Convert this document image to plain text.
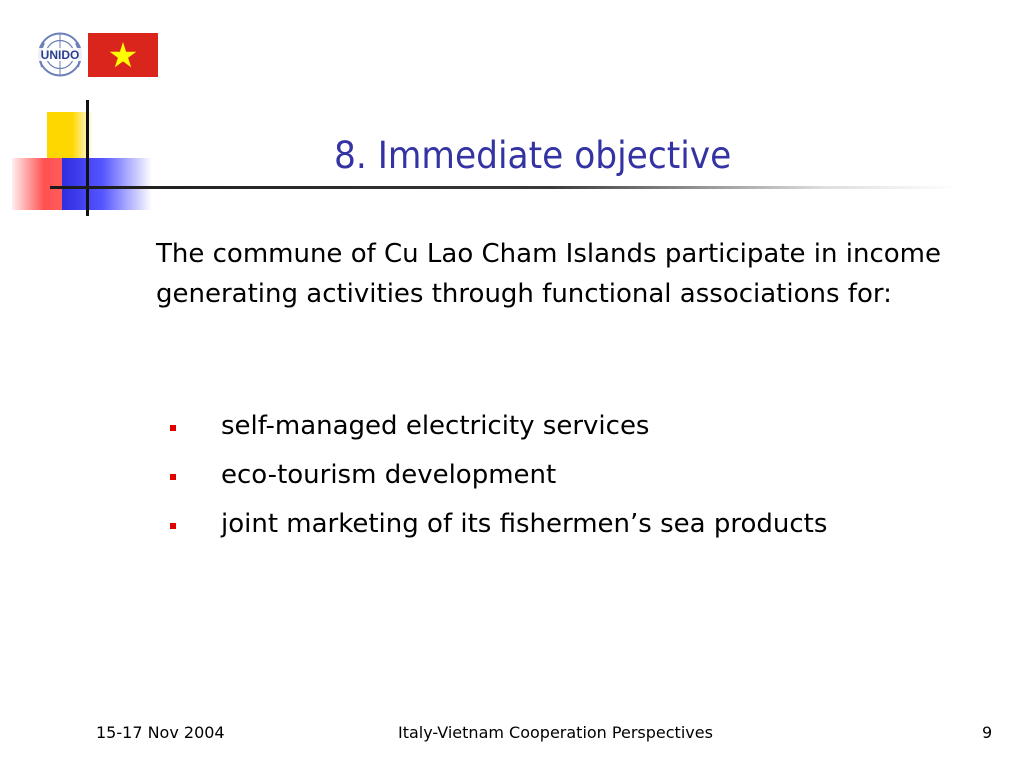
UNIDO
8. Immediate objective
The commune of Cu Lao Cham Islands participate in income generating activities through functional associations for:
self-managed electricity services
eco-tourism development
joint marketing of its fishermen’s sea products
15-17 Nov 2004	Italy-Vietnam Cooperation Perspectives	9
